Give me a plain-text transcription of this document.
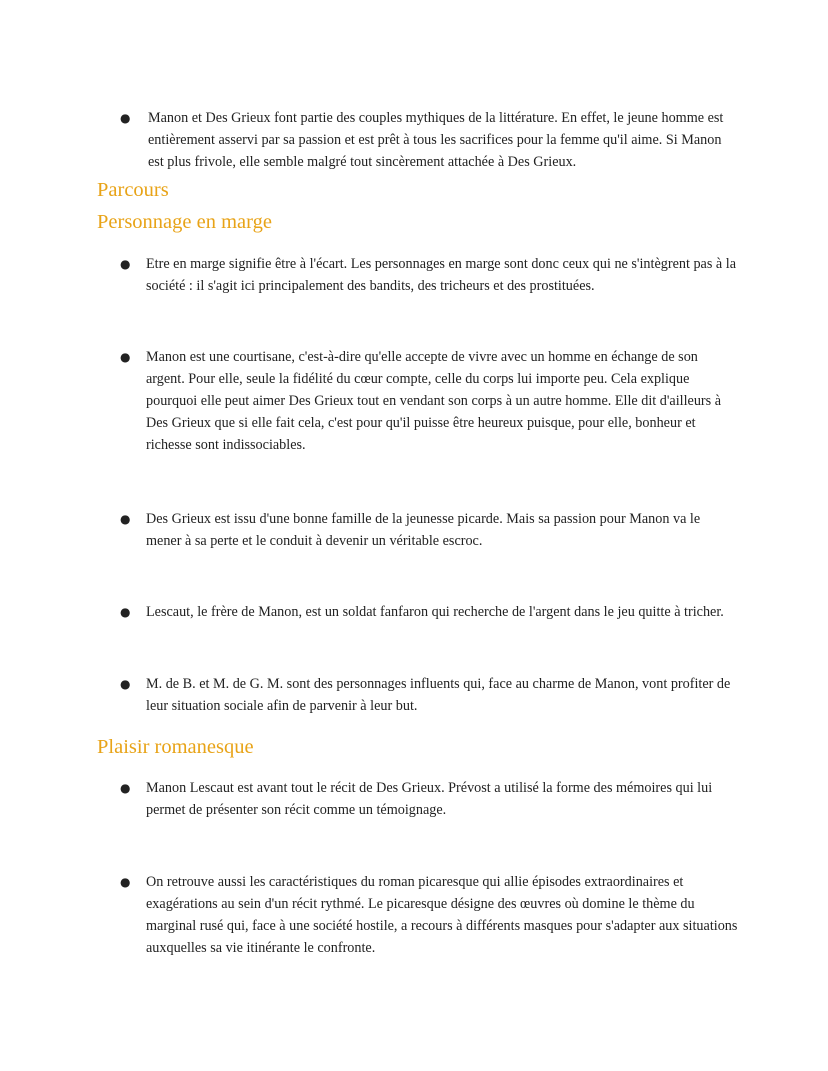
●	Manon et Des Grieux font partie des couples mythiques de la littérature. En effet, le jeune homme est entièrement asservi par sa passion et est prêt à tous les sacrifices pour la femme qu'il aime. Si Manon est plus frivole, elle semble malgré tout sincèrement attachée à Des Grieux.
Parcours
Personnage en marge
●	Etre en marge signifie être à l'écart. Les personnages en marge sont donc ceux qui ne s'intègrent pas à la société : il s'agit ici principalement des bandits, des tricheurs et des prostituées.
●	Manon est une courtisane, c'est-à-dire qu'elle accepte de vivre avec un homme en échange de son argent. Pour elle, seule la fidélité du cœur compte, celle du corps lui importe peu. Cela explique pourquoi elle peut aimer Des Grieux tout en vendant son corps à un autre homme. Elle dit d'ailleurs à Des Grieux que si elle fait cela, c'est pour qu'il puisse être heureux puisque, pour elle, bonheur et richesse sont indissociables.
●	Des Grieux est issu d'une bonne famille de la jeunesse picarde. Mais sa passion pour Manon va le mener à sa perte et le conduit à devenir un véritable escroc.
●	Lescaut, le frère de Manon, est un soldat fanfaron qui recherche de l'argent dans le jeu quitte à tricher.
●	M. de B. et M. de G. M. sont des personnages influents qui, face au charme de Manon, vont profiter de leur situation sociale afin de parvenir à leur but.
Plaisir romanesque
●	Manon Lescaut est avant tout le récit de Des Grieux. Prévost a utilisé la forme des mémoires qui lui permet de présenter son récit comme un témoignage.
●	On retrouve aussi les caractéristiques du roman picaresque qui allie épisodes extraordinaires et exagérations au sein d'un récit rythmé. Le picaresque désigne des œuvres où domine le thème du marginal rusé qui, face à une société hostile, a recours à différents masques pour s'adapter aux situations auxquelles sa vie itinérante le confronte.
